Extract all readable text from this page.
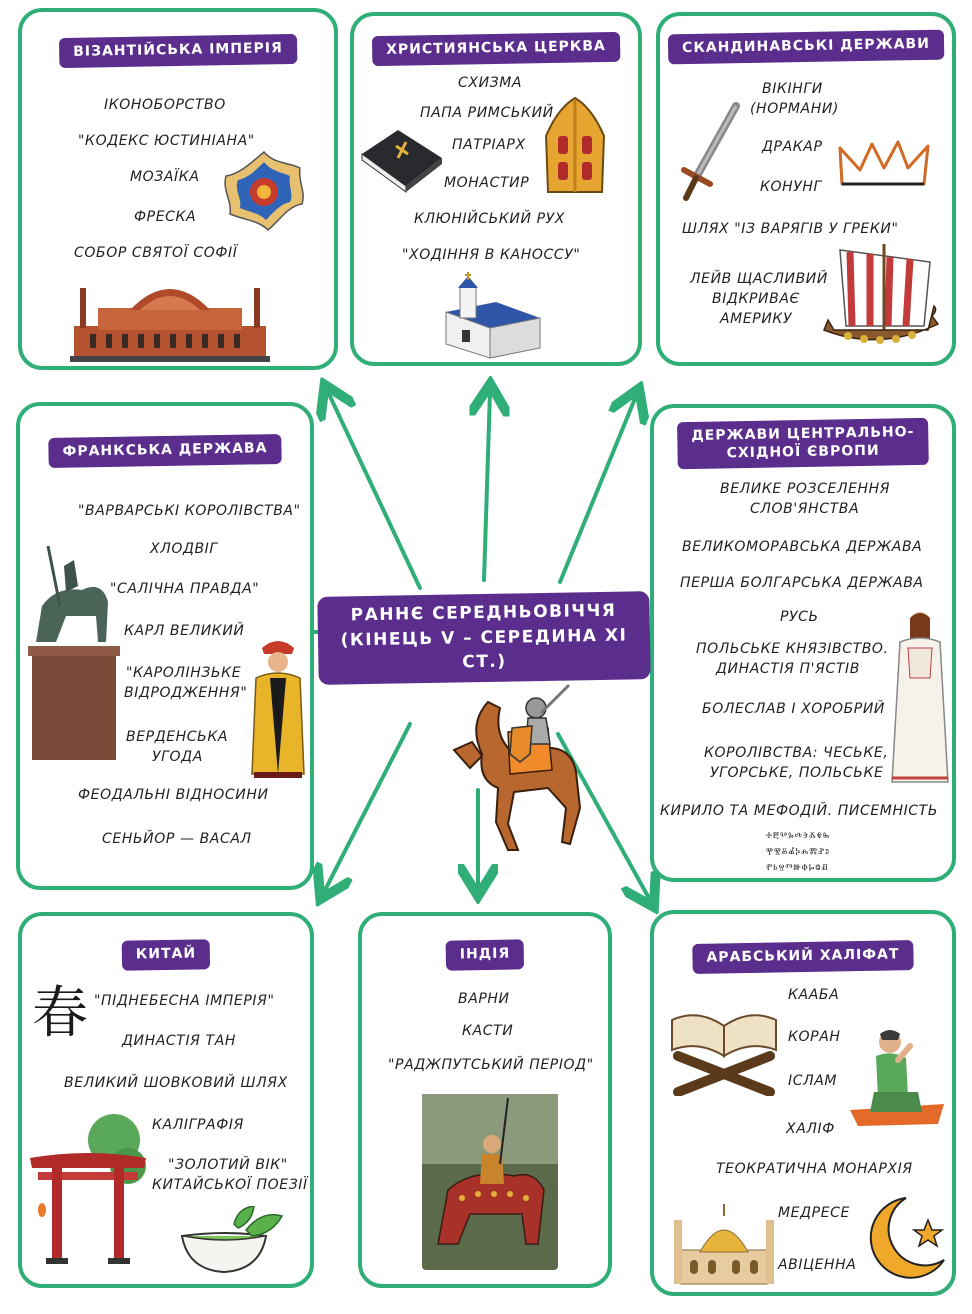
ВІЗАНТІЙСЬКА ІМПЕРІЯ
ІКОНОБОРСТВО
"КОДЕКС ЮСТИНІАНА"
МОЗАЇКА
ФРЕСКА
СОБОР СВЯТОЇ СОФІЇ
ХРИСТИЯНСЬКА ЦЕРКВА
СХИЗМА
ПАПА РИМСЬКИЙ
ПАТРІАРХ
МОНАСТИР
КЛЮНІЙСЬКИЙ РУХ
"ХОДІННЯ В КАНОССУ"
СКАНДИНАВСЬКІ ДЕРЖАВИ
ВІКІНГИ
(НОРМАНИ)
ДРАКАР
КОНУНГ
ШЛЯХ "ІЗ ВАРЯГІВ У ГРЕКИ"
ЛЕЙВ ЩАСЛИВИЙ
ВІДКРИВАЄ
АМЕРИКУ
ФРАНКСЬКА ДЕРЖАВА
"ВАРВАРСЬКІ КОРОЛІВСТВА"
ХЛОДВІГ
"САЛІЧНА ПРАВДА"
КАРЛ ВЕЛИКИЙ
"КАРОЛІНЗЬКЕ
ВІДРОДЖЕННЯ"
ВЕРДЕНСЬКА
УГОДА
ФЕОДАЛЬНІ ВІДНОСИНИ
СЕНЬЙОР — ВАСАЛ
ДЕРЖАВИ ЦЕНТРАЛЬНО-
СХІДНОЇ ЄВРОПИ
ВЕЛИКЕ РОЗСЕЛЕННЯ
СЛОВ'ЯНСТВА
ВЕЛИКОМОРАВСЬКА ДЕРЖАВА
ПЕРША БОЛГАРСЬКА ДЕРЖАВА
РУСЬ
ПОЛЬСЬКЕ КНЯЗІВСТВО.
ДИНАСТІЯ П'ЯСТІВ
БОЛЕСЛАВ І ХОРОБРИЙ
КОРОЛІВСТВА: ЧЕСЬКЕ,
УГОРСЬКЕ, ПОЛЬСЬКЕ
КИРИЛО ТА МЕФОДІЙ. ПИСЕМНІСТЬ
ⰰⰱⰲⰳⰴⰵⰶⰷⰸ
ⰹⰺⰻⰼⰽⰾⰿⱀⱁ
ⱂⱃⱄⱅⱆⱇⱈⱉⱊ
КИТАЙ
春 "ПІДНЕБЕСНА ІМПЕРІЯ"
ДИНАСТІЯ ТАН
ВЕЛИКИЙ ШОВКОВИЙ ШЛЯХ
КАЛІГРАФІЯ
"ЗОЛОТИЙ ВІК"
КИТАЙСЬКОЇ ПОЕЗІЇ
ІНДІЯ
ВАРНИ
КАСТИ
"РАДЖПУТСЬКИЙ ПЕРІОД"
АРАБСЬКИЙ ХАЛІФАТ
КААБА
КОРАН
ІСЛАМ
ХАЛІФ
ТЕОКРАТИЧНА МОНАРХІЯ
МЕДРЕСЕ
АВІЦЕННА
РАННЄ СЕРЕДНЬОВІЧЧЯ
(КІНЕЦЬ V – СЕРЕДИНА XI СТ.)
